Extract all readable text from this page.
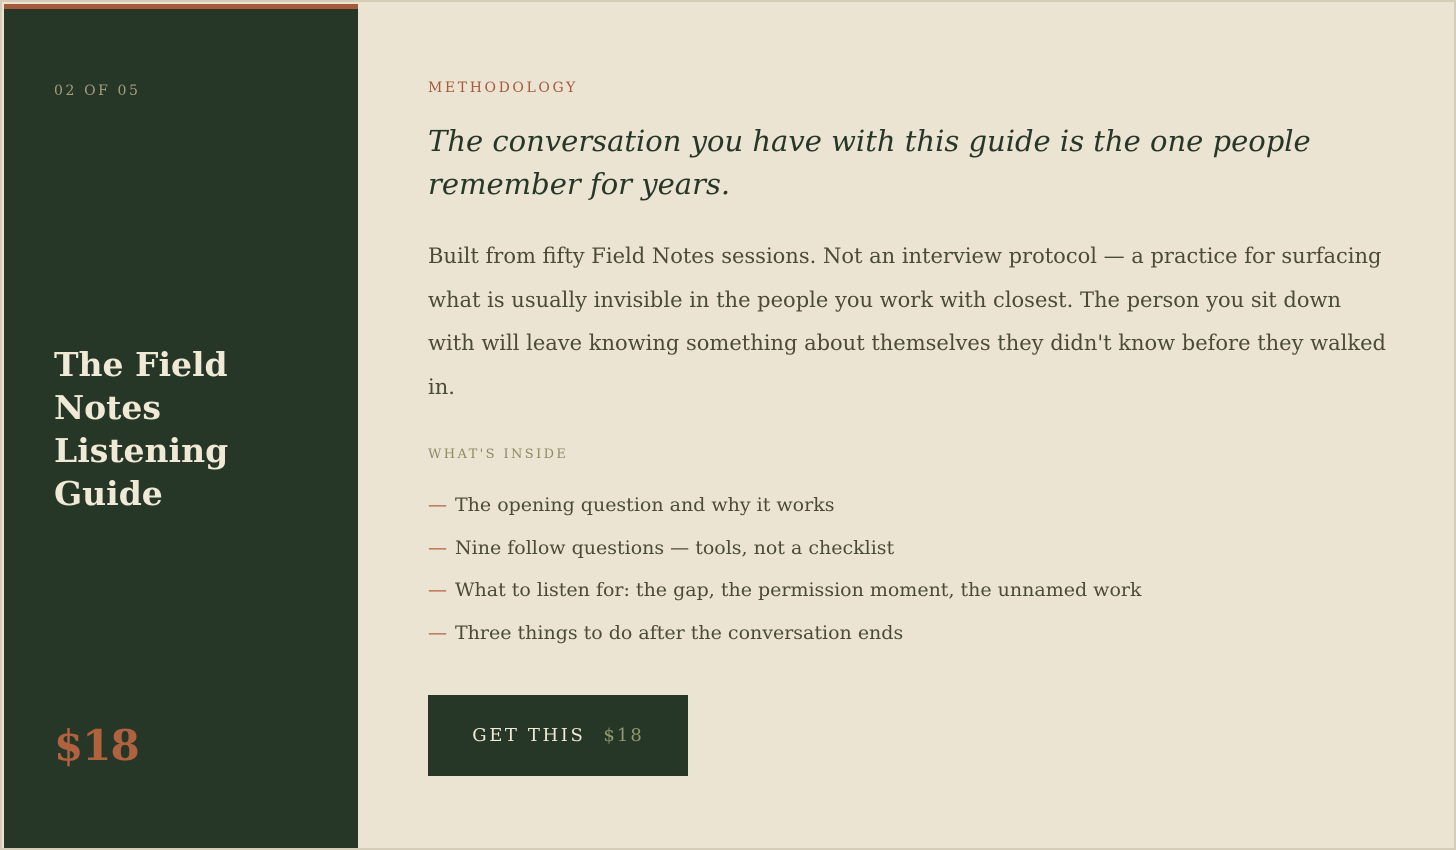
02 OF 05
The Field Notes Listening Guide
$18
METHODOLOGY
The conversation you have with this guide is the one people remember for years.

Built from fifty Field Notes sessions. Not an interview protocol — a practice for surfacing what is usually invisible in the people you work with closest. The person you sit down with will leave knowing something about themselves they didn't know before they walked in.

WHAT'S INSIDE
— The opening question and why it works
— Nine follow questions — tools, not a checklist
— What to listen for: the gap, the permission moment, the unnamed work
— Three things to do after the conversation ends
GET THIS $18
